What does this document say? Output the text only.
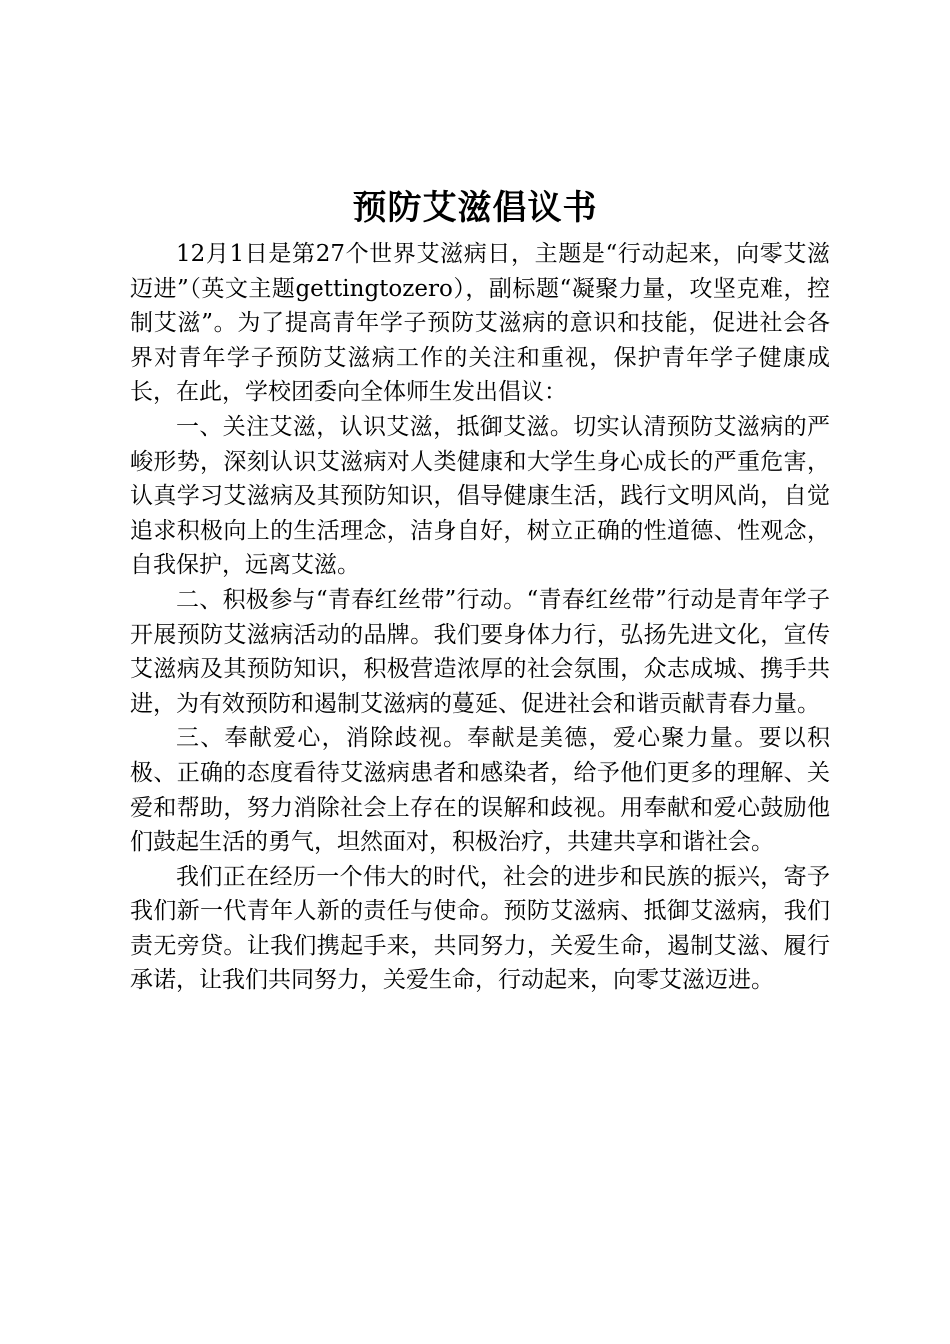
预防艾滋倡议书

12月1日是第27个世界艾滋病日，主题是“行动起来，向零艾滋迈进”（英文主题gettingtozero），副标题“凝聚力量，攻坚克难，控制艾滋”。为了提高青年学子预防艾滋病的意识和技能，促进社会各界对青年学子预防艾滋病工作的关注和重视，保护青年学子健康成长，在此，学校团委向全体师生发出倡议：

一、关注艾滋，认识艾滋，抵御艾滋。切实认清预防艾滋病的严峻形势，深刻认识艾滋病对人类健康和大学生身心成长的严重危害，认真学习艾滋病及其预防知识，倡导健康生活，践行文明风尚，自觉追求积极向上的生活理念，洁身自好，树立正确的性道德、性观念，自我保护，远离艾滋。

二、积极参与“青春红丝带”行动。“青春红丝带”行动是青年学子开展预防艾滋病活动的品牌。我们要身体力行，弘扬先进文化，宣传艾滋病及其预防知识，积极营造浓厚的社会氛围，众志成城、携手共进，为有效预防和遏制艾滋病的蔓延、促进社会和谐贡献青春力量。

三、奉献爱心，消除歧视。奉献是美德，爱心聚力量。要以积极、正确的态度看待艾滋病患者和感染者，给予他们更多的理解、关爱和帮助，努力消除社会上存在的误解和歧视。用奉献和爱心鼓励他们鼓起生活的勇气，坦然面对，积极治疗，共建共享和谐社会。

我们正在经历一个伟大的时代，社会的进步和民族的振兴，寄予我们新一代青年人新的责任与使命。预防艾滋病、抵御艾滋病，我们责无旁贷。让我们携起手来，共同努力，关爱生命，遏制艾滋、履行承诺，让我们共同努力，关爱生命，行动起来，向零艾滋迈进。
